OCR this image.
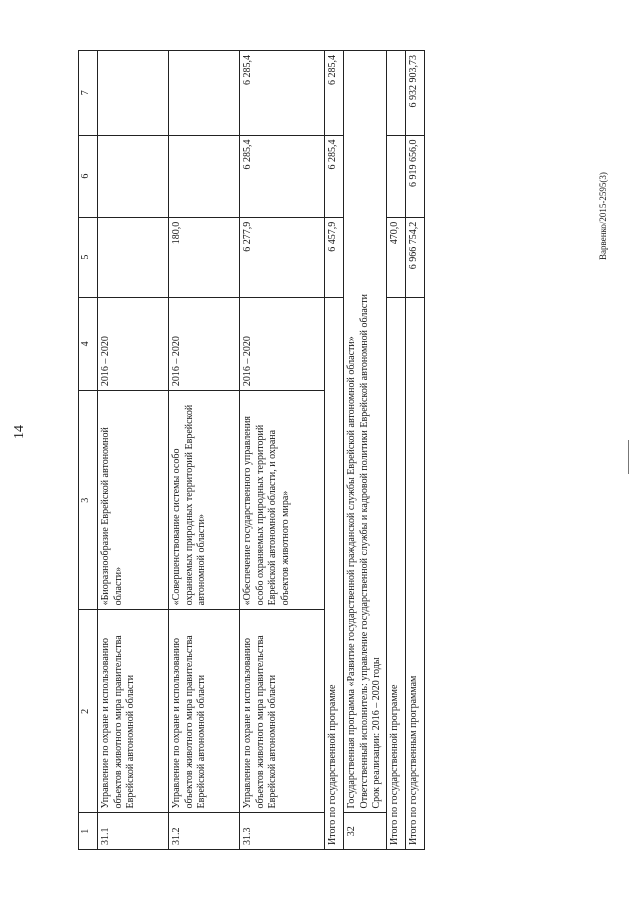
14
Варвенко/2015-2595(3)
1	2	3	4	5	6	7
31.1	Управление по охране и использованию объектов животного мира правительства Еврейской автономной области	«Биоразнообразие Еврейской автономной области»	2016 – 2020			
31.2	Управление по охране и использованию объектов животного мира правительства Еврейской автономной области	«Совершенствование системы особо охраняемых природных территорий Еврейской автономной области»	2016 – 2020	180,0		
31.3	Управление по охране и использованию объектов животного мира правительства Еврейской автономной области	«Обеспечение государственного управления особо охраняемых природных территорий Еврейской автономной области, и охрана объектов животного мира»	2016 – 2020	6 277,9	6 285,4	6 285,4
Итого по государственной программе				6 457,9	6 285,4	6 285,4
32	Государственная программа «Развитие государственной гражданской службы Еврейской автономной области» Ответственный исполнитель: управление государственной службы и кадровой политики Еврейской автономной области Срок реализации: 2016 – 2020 годы					

Итого по государственной программе				470,0		
Итого по государственным программам				6 966 754,2	6 919 656,0	6 932 903,73
